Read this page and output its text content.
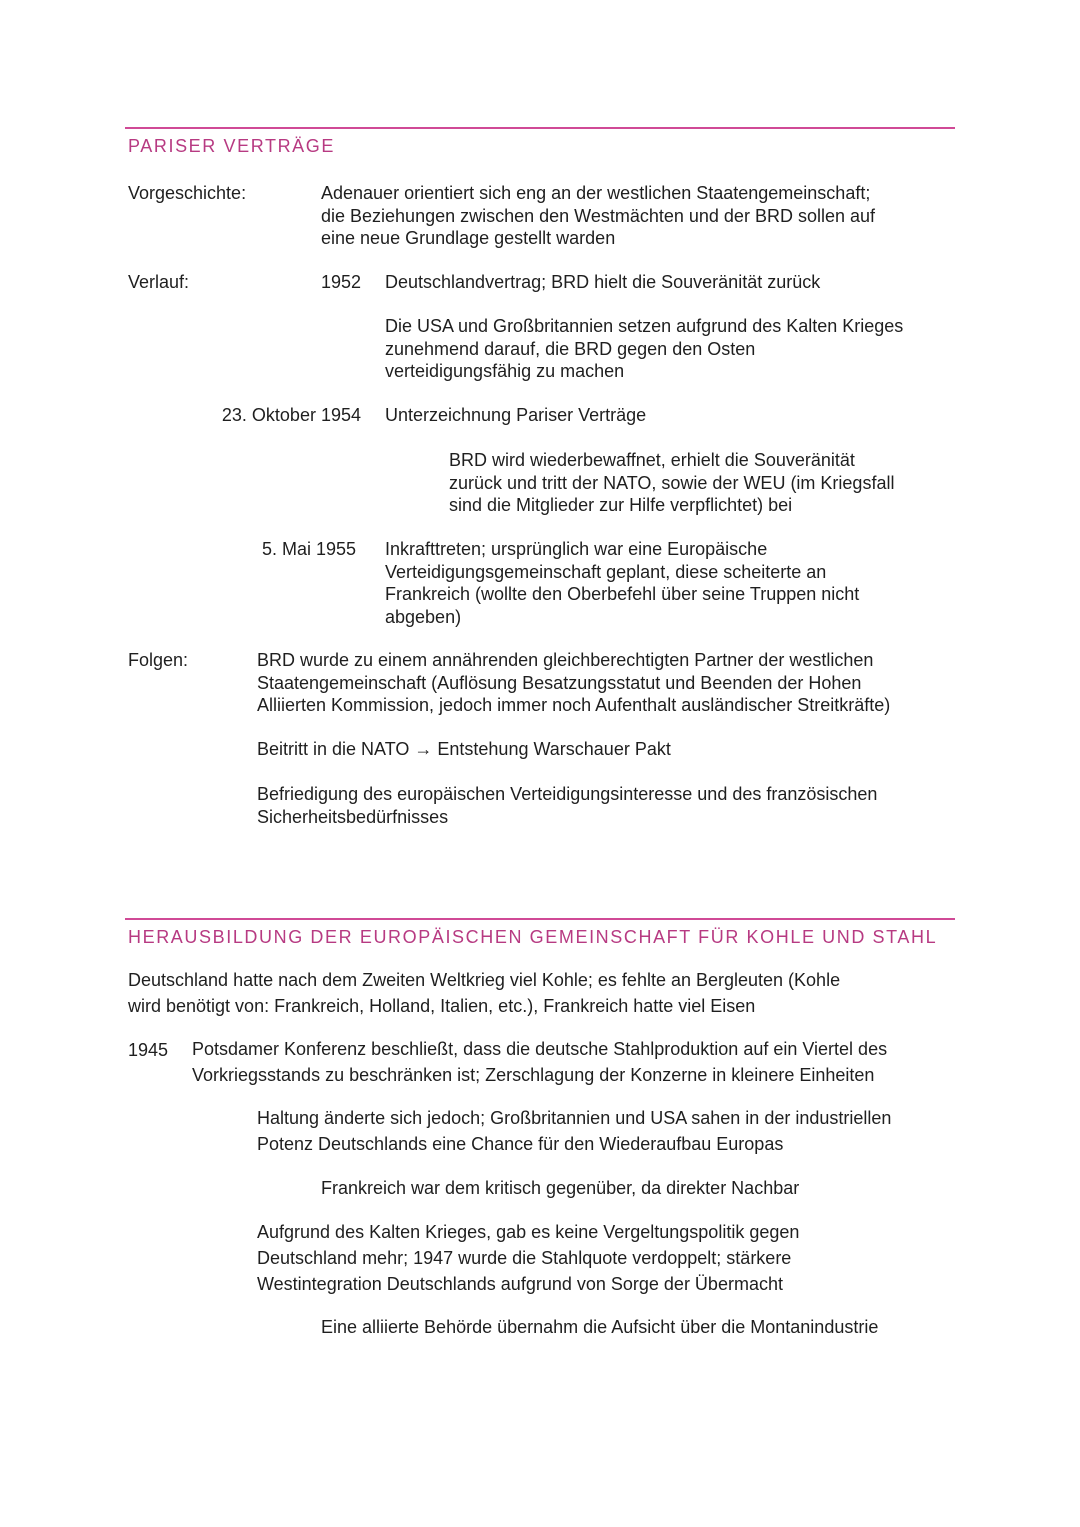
PARISER VERTRÄGE
Vorgeschichte:	Adenauer orientiert sich eng an der westlichen Staatengemeinschaft;
die Beziehungen zwischen den Westmächten und der BRD sollen auf
eine neue Grundlage gestellt warden
Verlauf:	1952 Deutschlandvertrag; BRD hielt die Souveränität zurück
Die USA und Großbritannien setzen aufgrund des Kalten Krieges
zunehmend darauf, die BRD gegen den Osten
verteidigungsfähig zu machen
23. Oktober 1954 Unterzeichnung Pariser Verträge
BRD wird wiederbewaffnet, erhielt die Souveränität
zurück und tritt der NATO, sowie der WEU (im Kriegsfall
sind die Mitglieder zur Hilfe verpflichtet) bei
5. Mai 1955 Inkrafttreten; ursprünglich war eine Europäische
Verteidigungsgemeinschaft geplant, diese scheiterte an
Frankreich (wollte den Oberbefehl über seine Truppen nicht
abgeben)
Folgen:	BRD wurde zu einem annährenden gleichberechtigten Partner der westlichen
Staatengemeinschaft (Auflösung Besatzungsstatut und Beenden der Hohen
Alliierten Kommission, jedoch immer noch Aufenthalt ausländischer Streitkräfte)
Beitritt in die NATO → Entstehung Warschauer Pakt
Befriedigung des europäischen Verteidigungsinteresse und des französischen
Sicherheitsbedürfnisses
HERAUSBILDUNG DER EUROPÄISCHEN GEMEINSCHAFT FÜR KOHLE UND STAHL
Deutschland hatte nach dem Zweiten Weltkrieg viel Kohle; es fehlte an Bergleuten (Kohle
wird benötigt von: Frankreich, Holland, Italien, etc.), Frankreich hatte viel Eisen
1945 Potsdamer Konferenz beschließt, dass die deutsche Stahlproduktion auf ein Viertel des
Vorkriegsstands zu beschränken ist; Zerschlagung der Konzerne in kleinere Einheiten
Haltung änderte sich jedoch; Großbritannien und USA sahen in der industriellen
Potenz Deutschlands eine Chance für den Wiederaufbau Europas
Frankreich war dem kritisch gegenüber, da direkter Nachbar
Aufgrund des Kalten Krieges, gab es keine Vergeltungspolitik gegen
Deutschland mehr; 1947 wurde die Stahlquote verdoppelt; stärkere
Westintegration Deutschlands aufgrund von Sorge der Übermacht
Eine alliierte Behörde übernahm die Aufsicht über die Montanindustrie
